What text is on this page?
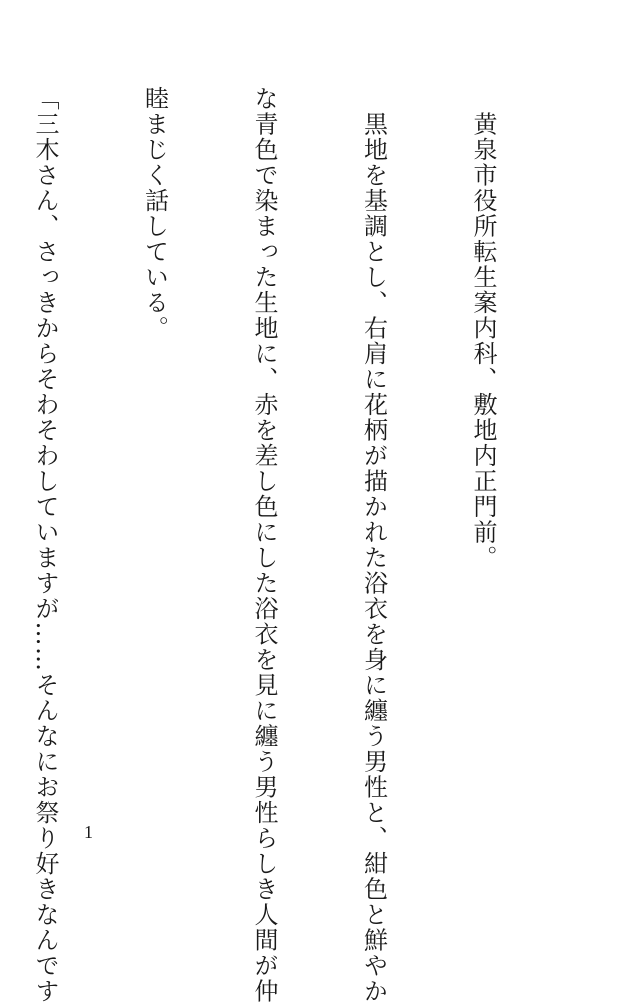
　黄泉市役所転生案内科、敷地内正門前。

　黒地を基調とし、右肩に花柄が描かれた浴衣を身に纏う男性と、紺色と鮮やか

な青色で染まった生地に、赤を差し色にした浴衣を見に纏う男性らしき人間が仲

睦まじく話している。

「三木さん、さっきからそわそわしていますが……そんなにお祭り好きなんです

1
